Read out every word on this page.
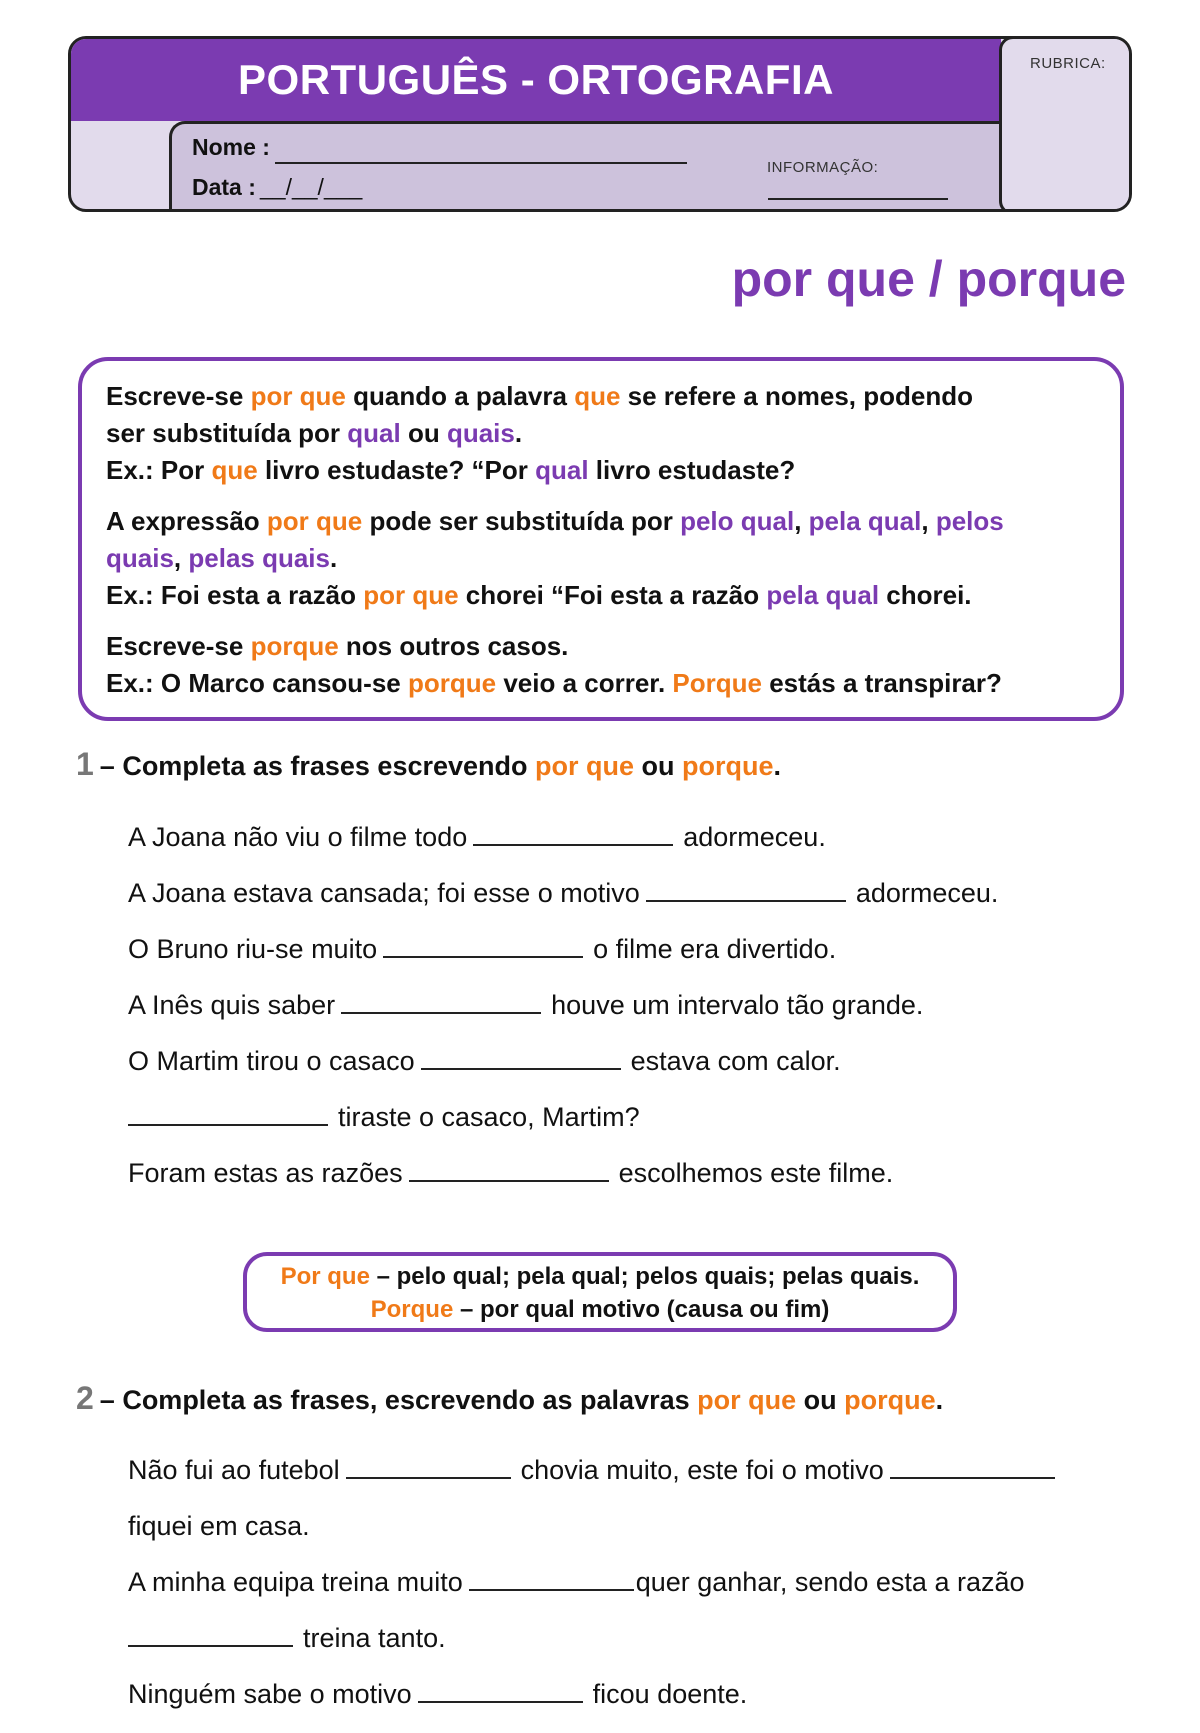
PORTUGUÊS - ORTOGRAFIA
Nome :
Data : __/__/___
INFORMAÇÃO:
RUBRICA:
por que / porque
Escreve-se por que quando a palavra que se refere a nomes, podendo
ser substituída por qual ou quais.
Ex.: Por que livro estudaste? “Por qual livro estudaste?
A expressão por que pode ser substituída por pelo qual, pela qual, pelos
quais, pelas quais.
Ex.: Foi esta a razão por que chorei “Foi esta a razão pela qual chorei.
Escreve-se porque nos outros casos.
Ex.: O Marco cansou-se porque veio a correr. Porque estás a transpirar?
1 – Completa as frases escrevendo por que ou porque.
A Joana não viu o filme todo	adormeceu.
A Joana estava cansada; foi esse o motivo	adormeceu.
O Bruno riu-se muito	o filme era divertido.
A Inês quis saber	houve um intervalo tão grande.
O Martim tirou o casaco	estava com calor.
tiraste o casaco, Martim?
Foram estas as razões	escolhemos este filme.
Por que – pelo qual; pela qual; pelos quais; pelas quais.
Porque – por qual motivo (causa ou fim)
2 – Completa as frases, escrevendo as palavras por que ou porque.
Não fui ao futebol	chovia muito, este foi o motivo
fiquei em casa.
A minha equipa treina muito	quer ganhar, sendo esta a razão
treina tanto.
Ninguém sabe o motivo	ficou doente.
